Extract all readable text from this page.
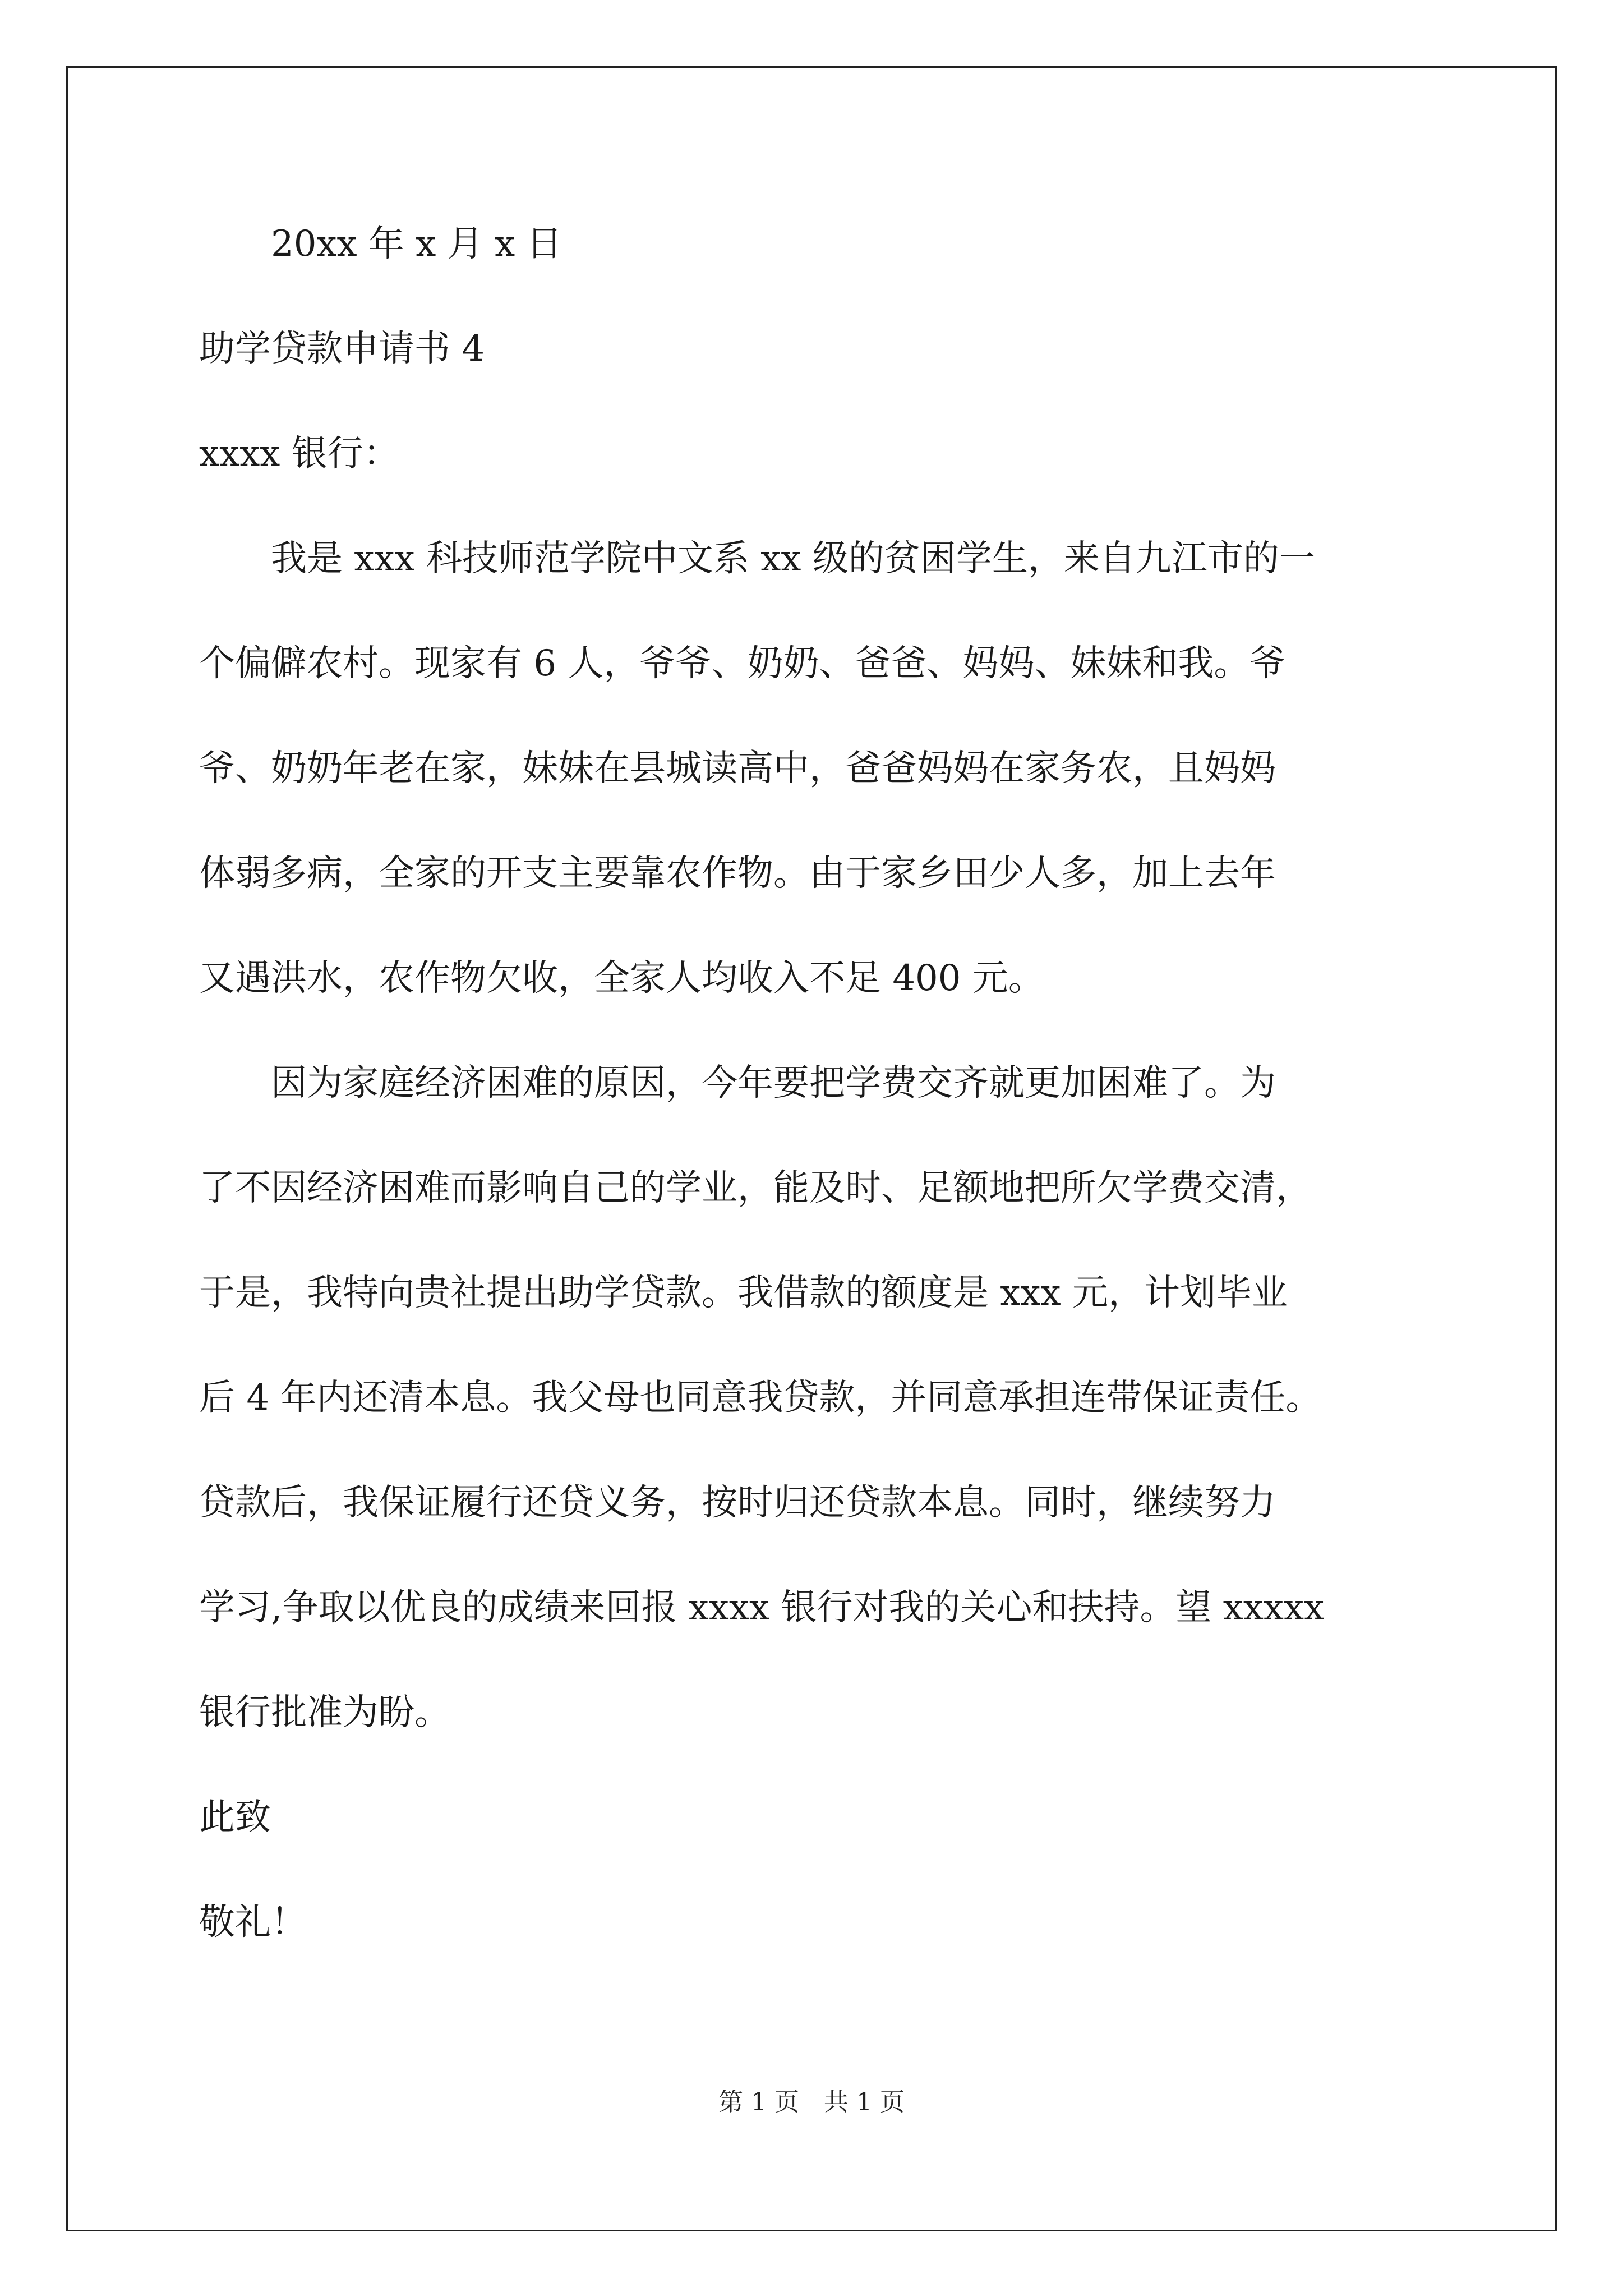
20xx 年 x 月 x 日
助学贷款申请书 4
xxxx 银行：
我是 xxx 科技师范学院中文系 xx 级的贫困学生，来自九江市的一
个偏僻农村。现家有 6 人，爷爷、奶奶、爸爸、妈妈、妹妹和我。爷
爷、奶奶年老在家，妹妹在县城读高中，爸爸妈妈在家务农，且妈妈
体弱多病，全家的开支主要靠农作物。由于家乡田少人多，加上去年
又遇洪水，农作物欠收，全家人均收入不足 400 元。
因为家庭经济困难的原因，今年要把学费交齐就更加困难了。为
了不因经济困难而影响自己的学业，能及时、足额地把所欠学费交清，
于是，我特向贵社提出助学贷款。我借款的额度是 xxx 元，计划毕业
后 4 年内还清本息。我父母也同意我贷款，并同意承担连带保证责任。
贷款后，我保证履行还贷义务，按时归还贷款本息。同时，继续努力
学习,争取以优良的成绩来回报 xxxx 银行对我的关心和扶持。望 xxxxx
银行批准为盼。
此致
敬礼！
第 1 页　共 1 页
